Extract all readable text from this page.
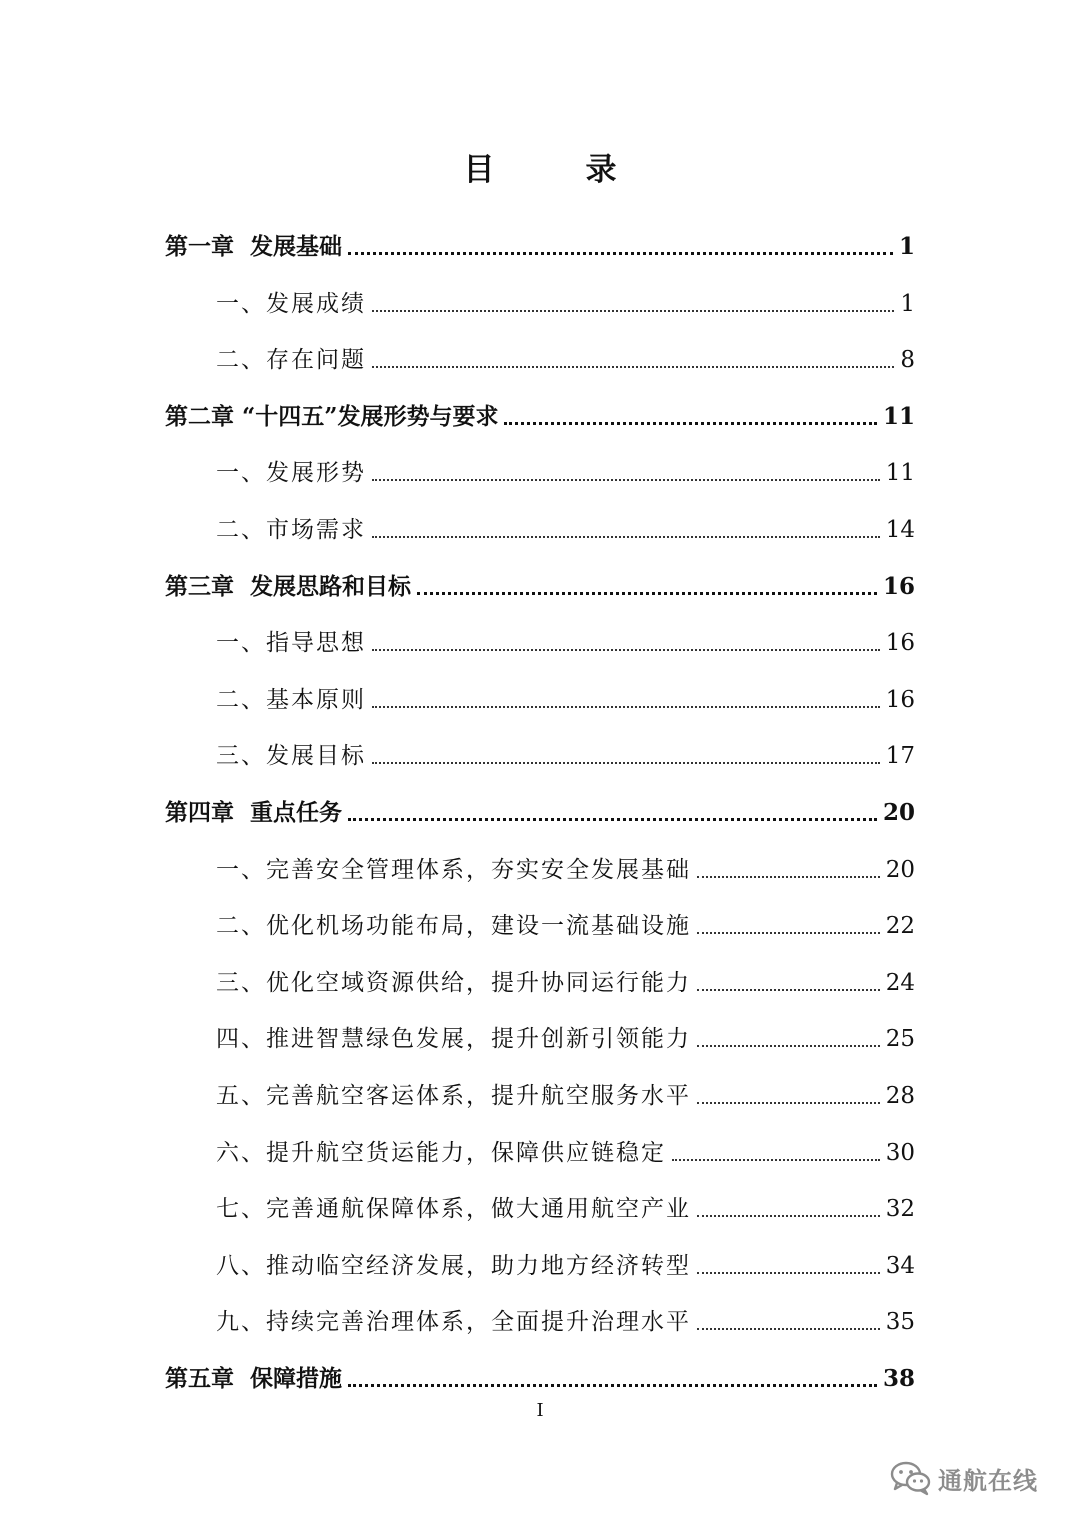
目　录
第一章  发展基础	1
一、发展成绩	1
二、存在问题	8
第二章 “十四五”发展形势与要求	11
一、发展形势	11
二、市场需求	14
第三章  发展思路和目标	16
一、指导思想	16
二、基本原则	16
三、发展目标	17
第四章  重点任务	20
一、完善安全管理体系，夯实安全发展基础	20
二、优化机场功能布局，建设一流基础设施	22
三、优化空域资源供给，提升协同运行能力	24
四、推进智慧绿色发展，提升创新引领能力	25
五、完善航空客运体系，提升航空服务水平	28
六、提升航空货运能力，保障供应链稳定	30
七、完善通航保障体系，做大通用航空产业	32
八、推动临空经济发展，助力地方经济转型	34
九、持续完善治理体系，全面提升治理水平	35
第五章  保障措施	38
I
通航在线
